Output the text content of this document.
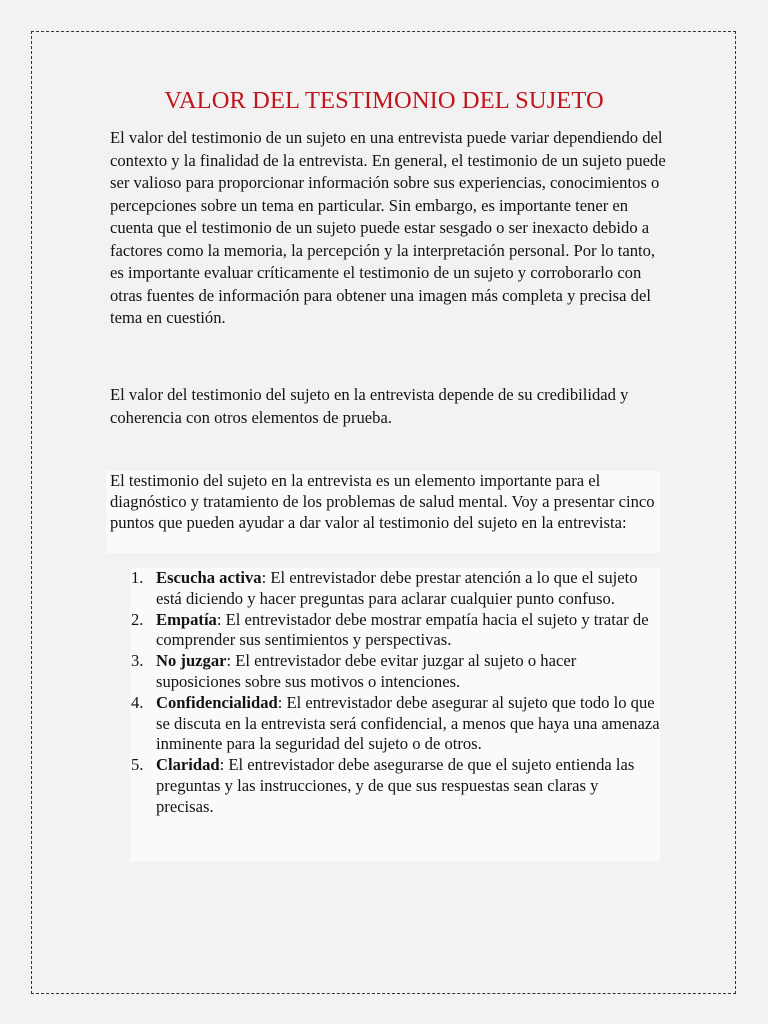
VALOR DEL TESTIMONIO DEL SUJETO

El valor del testimonio de un sujeto en una entrevista puede variar dependiendo del contexto y la finalidad de la entrevista. En general, el testimonio de un sujeto puede ser valioso para proporcionar información sobre sus experiencias, conocimientos o percepciones sobre un tema en particular. Sin embargo, es importante tener en cuenta que el testimonio de un sujeto puede estar sesgado o ser inexacto debido a factores como la memoria, la percepción y la interpretación personal. Por lo tanto, es importante evaluar críticamente el testimonio de un sujeto y corroborarlo con otras fuentes de información para obtener una imagen más completa y precisa del tema en cuestión.

El valor del testimonio del sujeto en la entrevista depende de su credibilidad y coherencia con otros elementos de prueba.

El testimonio del sujeto en la entrevista es un elemento importante para el diagnóstico y tratamiento de los problemas de salud mental. Voy a presentar cinco puntos que pueden ayudar a dar valor al testimonio del sujeto en la entrevista:

1. Escucha activa: El entrevistador debe prestar atención a lo que el sujeto está diciendo y hacer preguntas para aclarar cualquier punto confuso.
2. Empatía: El entrevistador debe mostrar empatía hacia el sujeto y tratar de comprender sus sentimientos y perspectivas.
3. No juzgar: El entrevistador debe evitar juzgar al sujeto o hacer suposiciones sobre sus motivos o intenciones.
4. Confidencialidad: El entrevistador debe asegurar al sujeto que todo lo que se discuta en la entrevista será confidencial, a menos que haya una amenaza inminente para la seguridad del sujeto o de otros.
5. Claridad: El entrevistador debe asegurarse de que el sujeto entienda las preguntas y las instrucciones, y de que sus respuestas sean claras y precisas.
